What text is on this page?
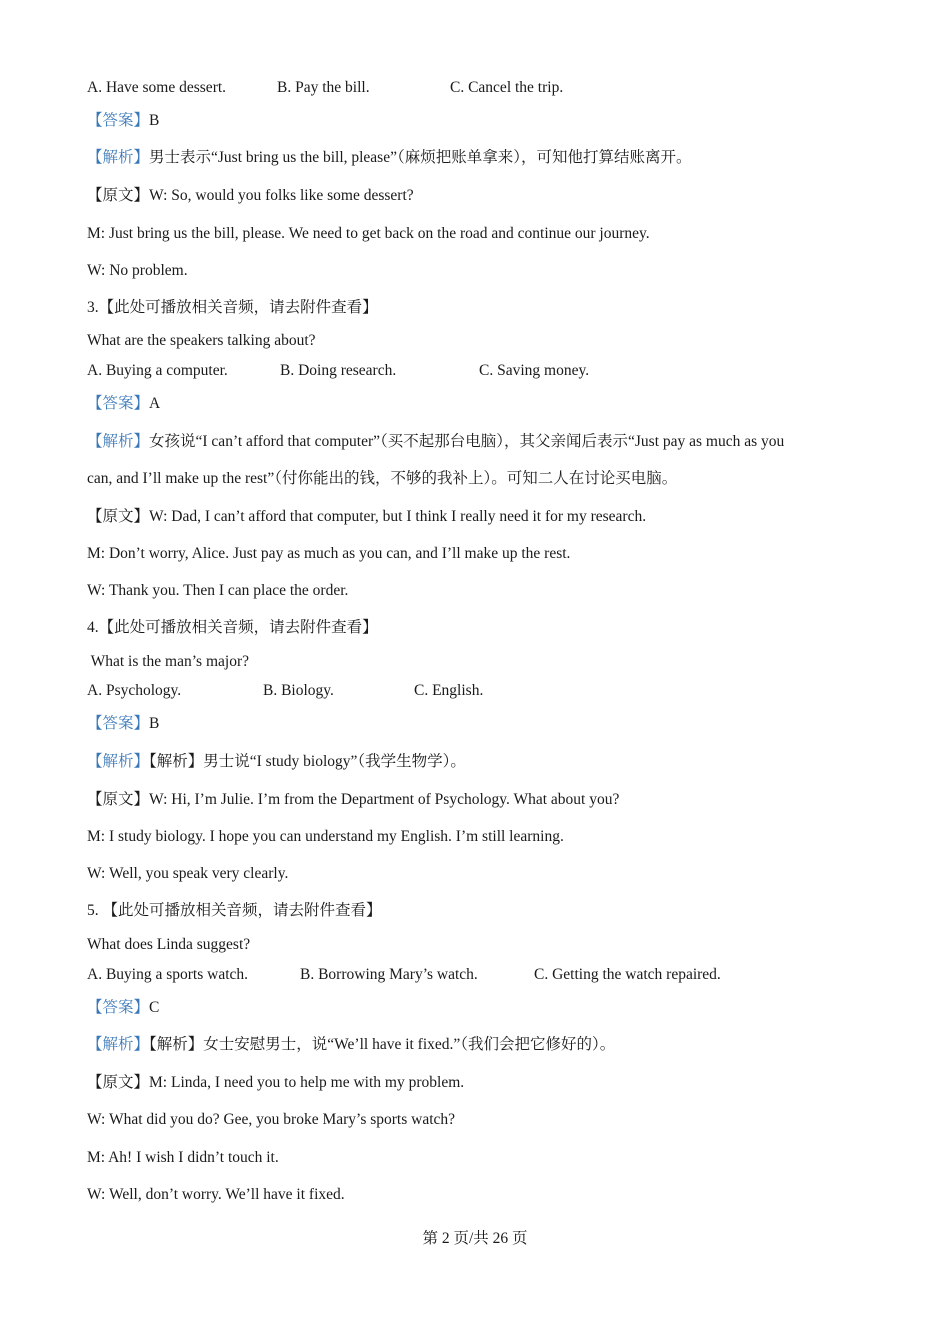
A. Have some dessert.	B. Pay the bill.	C. Cancel the trip.
【答案】B
【解析】男士表示“Just bring us the bill, please”（麻烦把账单拿来），可知他打算结账离开。
【原文】W: So, would you folks like some dessert?
M: Just bring us the bill, please. We need to get back on the road and continue our journey.
W: No problem.
3.【此处可播放相关音频，请去附件查看】
What are the speakers talking about?
A. Buying a computer.	B. Doing research.	C. Saving money.
【答案】A
【解析】女孩说“I can’t afford that computer”（买不起那台电脑），其父亲闻后表示“Just pay as much as you
can, and I’ll make up the rest”（付你能出的钱，不够的我补上）。可知二人在讨论买电脑。
【原文】W: Dad, I can’t afford that computer, but I think I really need it for my research.
M: Don’t worry, Alice. Just pay as much as you can, and I’ll make up the rest.
W: Thank you. Then I can place the order.
4.【此处可播放相关音频，请去附件查看】
What is the man’s major?
A. Psychology.	B. Biology.	C. English.
【答案】B
【解析】【解析】男士说“I study biology”（我学生物学）。
【原文】W: Hi, I’m Julie. I’m from the Department of Psychology. What about you?
M: I study biology. I hope you can understand my English. I’m still learning.
W: Well, you speak very clearly.
5. 【此处可播放相关音频，请去附件查看】
What does Linda suggest?
A. Buying a sports watch.	B. Borrowing Mary’s watch.	C. Getting the watch repaired.
【答案】C
【解析】【解析】女士安慰男士，说“We’ll have it fixed.”（我们会把它修好的）。
【原文】M: Linda, I need you to help me with my problem.
W: What did you do? Gee, you broke Mary’s sports watch?
M: Ah! I wish I didn’t touch it.
W: Well, don’t worry. We’ll have it fixed.
第 2 页/共 26 页
